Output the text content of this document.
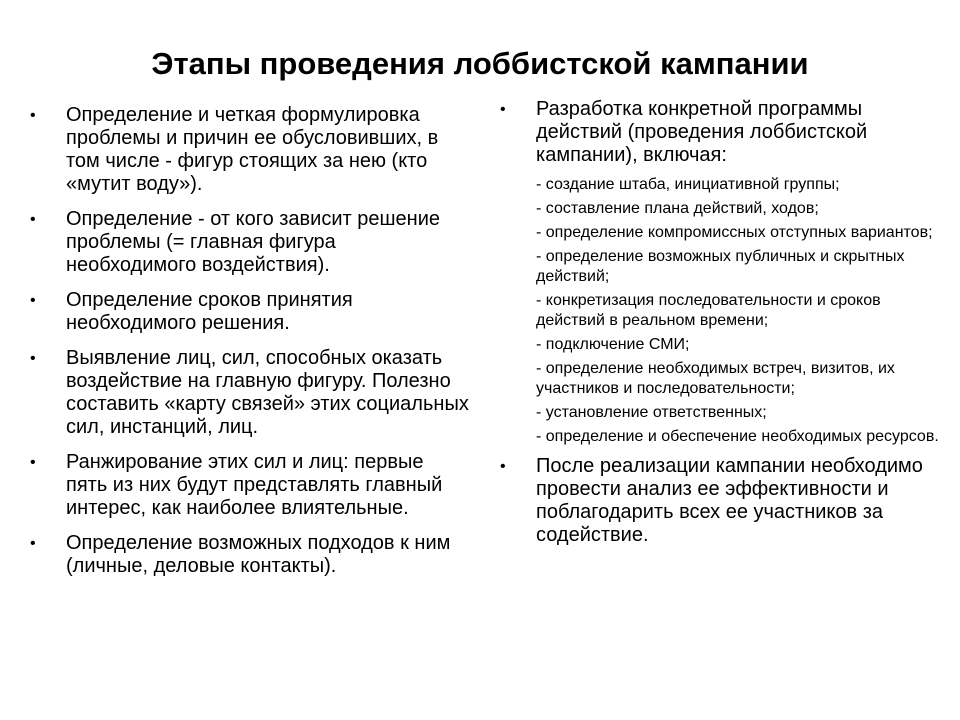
Этапы проведения лоббистской кампании
• Определение и четкая формулировка проблемы и причин ее обусловивших, в том числе - фигур стоящих за нею (кто «мутит воду»).
• Определение - от кого зависит решение проблемы (= главная фигура необходимого воздействия).
• Определение сроков принятия необходимого решения.
• Выявление лиц, сил, способных оказать воздействие на главную фигуру. Полезно составить «карту связей» этих социальных сил, инстанций, лиц.
• Ранжирование этих сил и лиц: первые пять из них будут представлять главный интерес, как наиболее влиятельные.
• Определение возможных подходов к ним (личные, деловые контакты).
• Разработка конкретной программы действий (проведения лоббистской кампании), включая:
- создание штаба, инициативной группы;
- составление плана действий, ходов;
- определение компромиссных отступных вариантов;
- определение возможных публичных и скрытных действий;
- конкретизация последовательности и сроков действий в реальном времени;
- подключение СМИ;
- определение необходимых встреч, визитов, их участников и последовательности;
- установление ответственных;
- определение и обеспечение необходимых ресурсов.
• После реализации кампании необходимо провести анализ ее эффективности и поблагодарить всех ее участников за содействие.
